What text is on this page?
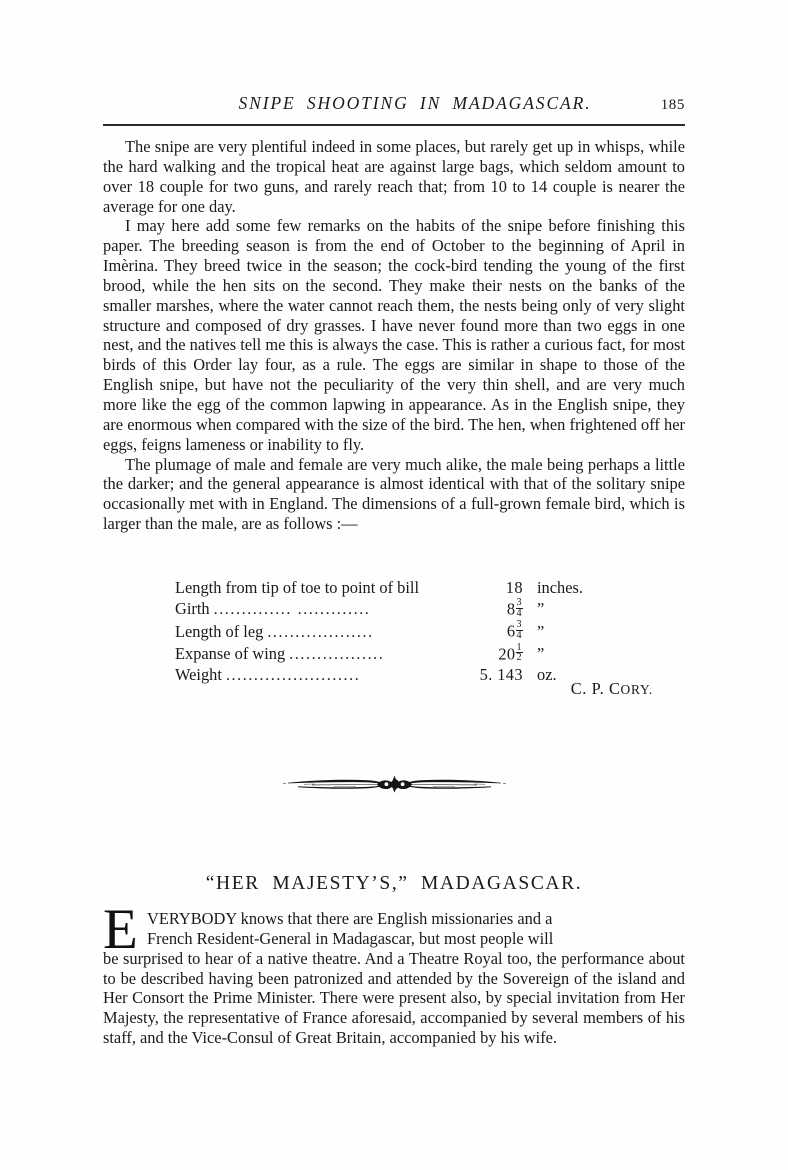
SNIPE SHOOTING IN MADAGASCAR.	185

The snipe are very plentiful indeed in some places, but rarely get up in whisps, while the hard walking and the tropical heat are against large bags, which seldom amount to over 18 couple for two guns, and rarely reach that; from 10 to 14 couple is nearer the average for one day.

I may here add some few remarks on the habits of the snipe before finishing this paper. The breeding season is from the end of October to the beginning of April in Imèrina. They breed twice in the season; the cock-bird tending the young of the first brood, while the hen sits on the second. They make their nests on the banks of the smaller marshes, where the water cannot reach them, the nests being only of very slight structure and composed of dry grasses. I have never found more than two eggs in one nest, and the natives tell me this is always the case. This is rather a curious fact, for most birds of this Order lay four, as a rule. The eggs are similar in shape to those of the English snipe, but have not the peculiarity of the very thin shell, and are very much more like the egg of the common lapwing in appearance. As in the English snipe, they are enormous when compared with the size of the bird. The hen, when frightened off her eggs, feigns lameness or inability to fly.

The plumage of male and female are very much alike, the male being perhaps a little the darker; and the general appearance is almost identical with that of the solitary snipe occasionally met with in England. The dimensions of a full-grown female bird, which is larger than the male, are as follows :—

Length from tip of toe to point of bill	18 inches.
Girth .............. .............	$8 \frac{3}{4}$ ”
Length of leg ...................	$6 \frac{3}{4}$ ”
Expanse of wing .................	$20 \frac{1}{2}$ ”
Weight ........................	5. 143 oz.
C. P. CORY.
“HER MAJESTY’S,” MADAGASCAR.
E VERYBODY knows that there are English missionaries and a

French Resident-General in Madagascar, but most people will

be surprised to hear of a native theatre. And a Theatre Royal too, the performance about to be described having been patronized and attended by the Sovereign of the island and Her Consort the Prime Minister. There were present also, by special invitation from Her Majesty, the representative of France aforesaid, accompanied by several members of his staff, and the Vice-Consul of Great Britain, accompanied by his wife.
